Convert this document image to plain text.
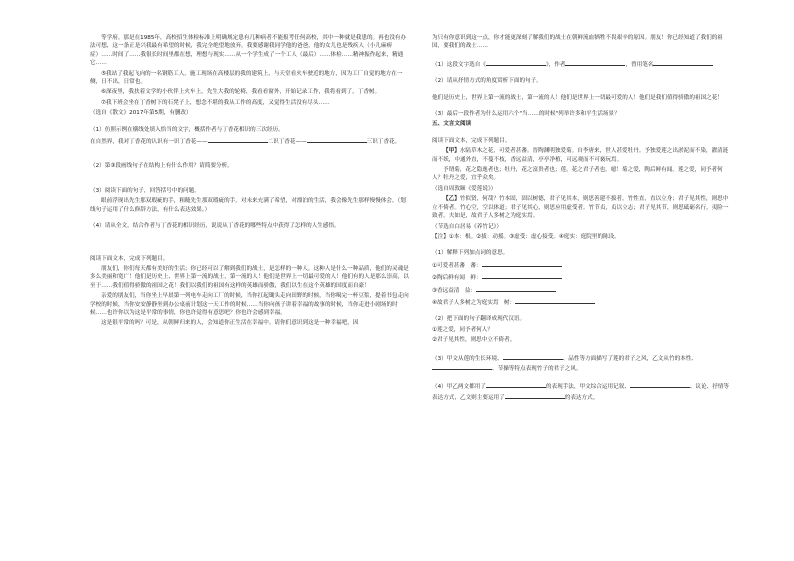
等学府。那是在1985年，高校招生体检标准上明确规定患有几种病者不能报考任何高校，其中一种就是我患的。再也没有办法可想，这一条正是兴我最有希望的时候，我完全绝望地放弃。我要感谢我同学他的爸爸，他的女儿也是残疾人（小儿麻痹症）……时间了……我很长时间里都在想，理想与现实……从一个学生成了一个工人（最后）……体检……精神振作起来，精通它……

⑤我站了我起飞向的一名钢筋工人。施工现场在高楼层的我的建筑上，与天堂看火车驶近的地方，因为工厂自觉的地方在一侧，日不出，日常也。

⑥深夜里，我扶着文学的小伙伴上火车上，先生大我的轮椅，我看看窗外，开始记录工作，我将看到了，丁香树。

⑦我下班会坐在丁香树下的石凳子上，想念不堪的我从工作的高度，又觉得生活没有尽头……

（选自《散文》2017年第5期，有删改）

（1）仿照示例在横线处填入恰当的文字，概括作者与丁香花相识的三次经历。

在自然界，我对丁香花的认识有一识丁香花——	二识丁香花——	三识丁香花。

（2）第③段画线句子在结构上有什么作用？请简要分析。

（3）阅读下面的句子，回答括号中的问题。

眼前浮现出先生那双瑕疵的手，粗糙先生那双瑕疵的手，对未来充满了希望，对漂泊的生活，我会像先生那样慢慢体会。（划线句子运用了什么修辞方法，有什么表达效果。）

（4）请从全文，结合作者与丁香花的相识经历，说说从丁香花的哪些特点中获得了怎样的人生感悟。

阅读下面文本，完成下列题目。

朋友们，你们每天都有美好的生活；你已经可以了解到我们的战士，是怎样的一种人。这种人是什么一种品质，他们的灵魂是多么美丽和宽广！他们是历史上、世界上第一流的战士，第一流的人！他们是世界上一切最可爱的人！他们有的人是那么崇高，以至于……我们值得骄傲的祖国之花！我们以我们的祖国有这样的英雄而骄傲，我们以生在这个英雄的国度而自豪！

亲爱的朋友们，当你坐上早晨第一列电车走向工厂的时候，当你扛起锄头走向田野的时候，当你喝完一杯豆浆，提着书包走向学校的时候，当你安安静静坐到办公桌前计划这一天工作的时候……当你向孩子讲着幸福的故事的时候，当你走进小剧场的时候……也许你以为这是平常的事情，你也许觉得有意思吧？你也许会感到幸福。

这是很平常的吗？可是，从朝鲜归来的人，会知道你正生活在幸福中。请你们意识到这是一种幸福吧，因

为只有你意识到这一点，你才能更深刻了解我们的战士在朝鲜流血牺牲不畏艰辛的原因。朋友！你已经知道了我们的祖国，要我们的战士……

（1）这段文字选自《	》，作者	，曾用笔名

（2）请从抒情方式的角度赏析下面的句子。

他们是历史上，世界上第一流的战士，第一流的人！他们是世界上一切最可爱的人！他们是我们值得骄傲的祖国之花！

（3）最后一段作者为什么运用六个"当……的时候"列举许多和平生活场景？

五、文言文阅读

阅读下面文本，完成下列题目。

【甲】水陆草木之花，可爱者甚蕃。晋陶渊明独爱菊。自李唐来，世人甚爱牡丹。予独爱莲之出淤泥而不染，濯清涟而不妖，中通外直，不蔓不枝，香远益清，亭亭净植，可远观而不可亵玩焉。

予谓菊，花之隐逸者也；牡丹，花之富贵者也；莲，花之君子者也。噫！菊之爱，陶后鲜有闻。莲之爱，同予者何人？牡丹之爱，宜乎众矣。

（选自周敦颐《爱莲说》）

【乙】竹似贤，何哉？竹本固，固以树德，君子见其本，则思善建不拔者。竹性直，直以立身；君子见其性，则思中立不倚者。竹心空，空以体道；君子见其心，则思应用虚受者。竹节贞，贞以立志；君子见其节，则思砥砺名行，夷险一致者。夫如是，故君子人多树之为庭实焉。

（节选自白居易《养竹记》）

【注】①本：根。②拔：动摇。③虚受：虚心接受。④庭实：庭院里的陈设。

（1）解释下列加点词的意思。

①可爱者甚蕃 蕃：

②陶后鲜有闻 鲜：

③香远益清 益：

④故君子人多树之为庭实焉 树：

（2）把下面的句子翻译成现代汉语。

①莲之爱，同予者何人？

②君子见其性，则思中立不倚者。

（3）甲文从莲的生长环境、	、品性等方面描写了莲的君子之风，乙文从竹的本性、、节操等特点表现竹子的君子之风。

（4）甲乙两文都用了	的表现手法，甲文综合运用记叙、	、议论、抒情等表达方式，乙文则主要运用了	的表达方式。
